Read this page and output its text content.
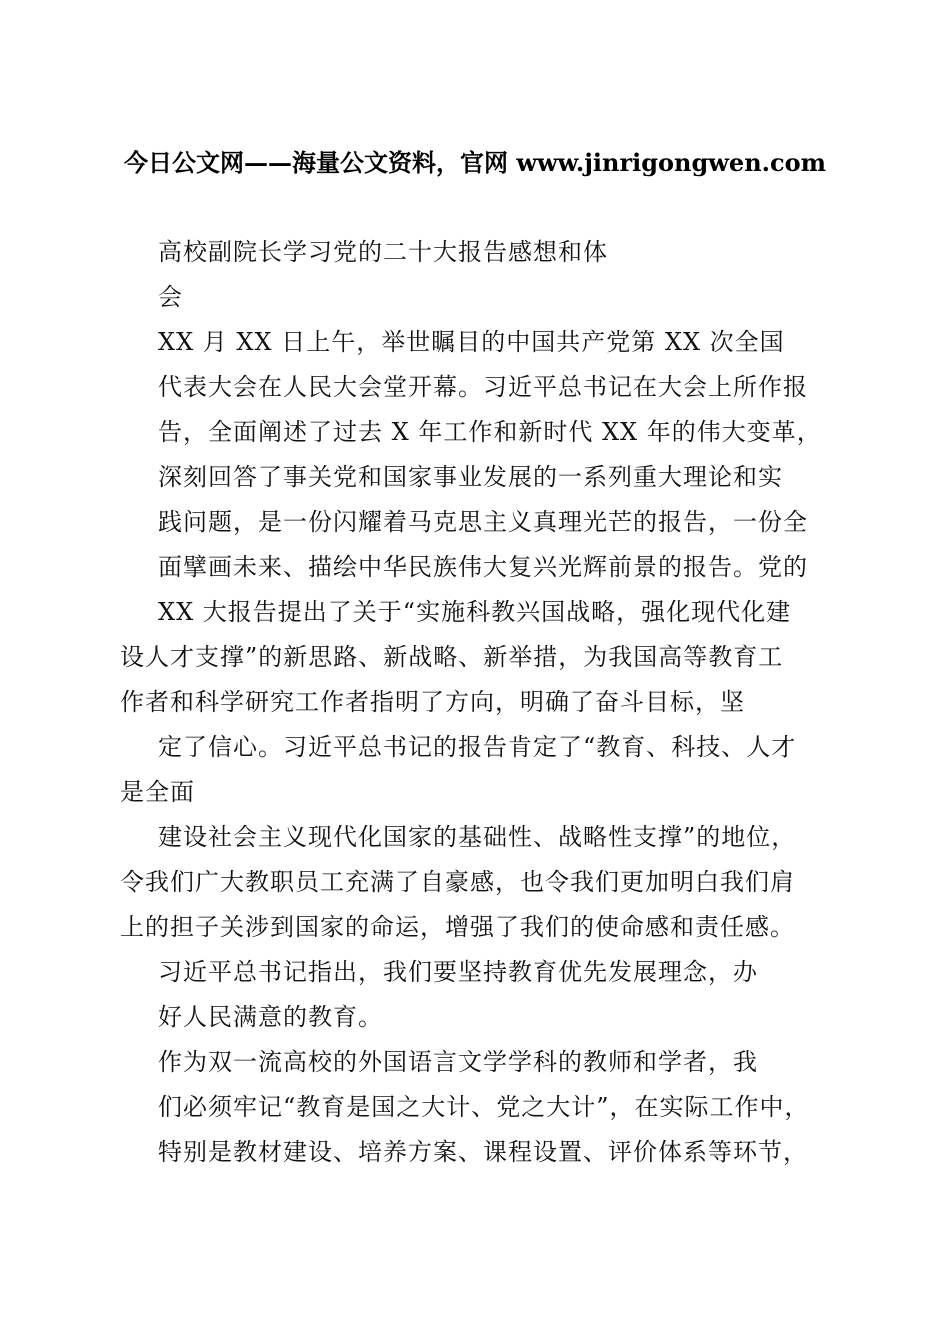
今日公文网——海量公文资料，官网 www.jinrigongwen.com
高校副院长学习党的二十大报告感想和体
会
XX 月 XX 日上午，举世瞩目的中国共产党第 XX 次全国
代表大会在人民大会堂开幕。习近平总书记在大会上所作报
告，全面阐述了过去 X 年工作和新时代 XX 年的伟大变革，
深刻回答了事关党和国家事业发展的一系列重大理论和实
践问题，是一份闪耀着马克思主义真理光芒的报告，一份全
面擘画未来、描绘中华民族伟大复兴光辉前景的报告。党的
XX 大报告提出了关于“实施科教兴国战略，强化现代化建
设人才支撑”的新思路、新战略、新举措，为我国高等教育工
作者和科学研究工作者指明了方向，明确了奋斗目标，坚
定了信心。习近平总书记的报告肯定了“教育、科技、人才
是全面
建设社会主义现代化国家的基础性、战略性支撑”的地位，
令我们广大教职员工充满了自豪感，也令我们更加明白我们肩
上的担子关涉到国家的命运，增强了我们的使命感和责任感。
习近平总书记指出，我们要坚持教育优先发展理念，办
好人民满意的教育。
作为双一流高校的外国语言文学学科的教师和学者，我
们必须牢记“教育是国之大计、党之大计”，在实际工作中，
特别是教材建设、培养方案、课程设置、评价体系等环节，
